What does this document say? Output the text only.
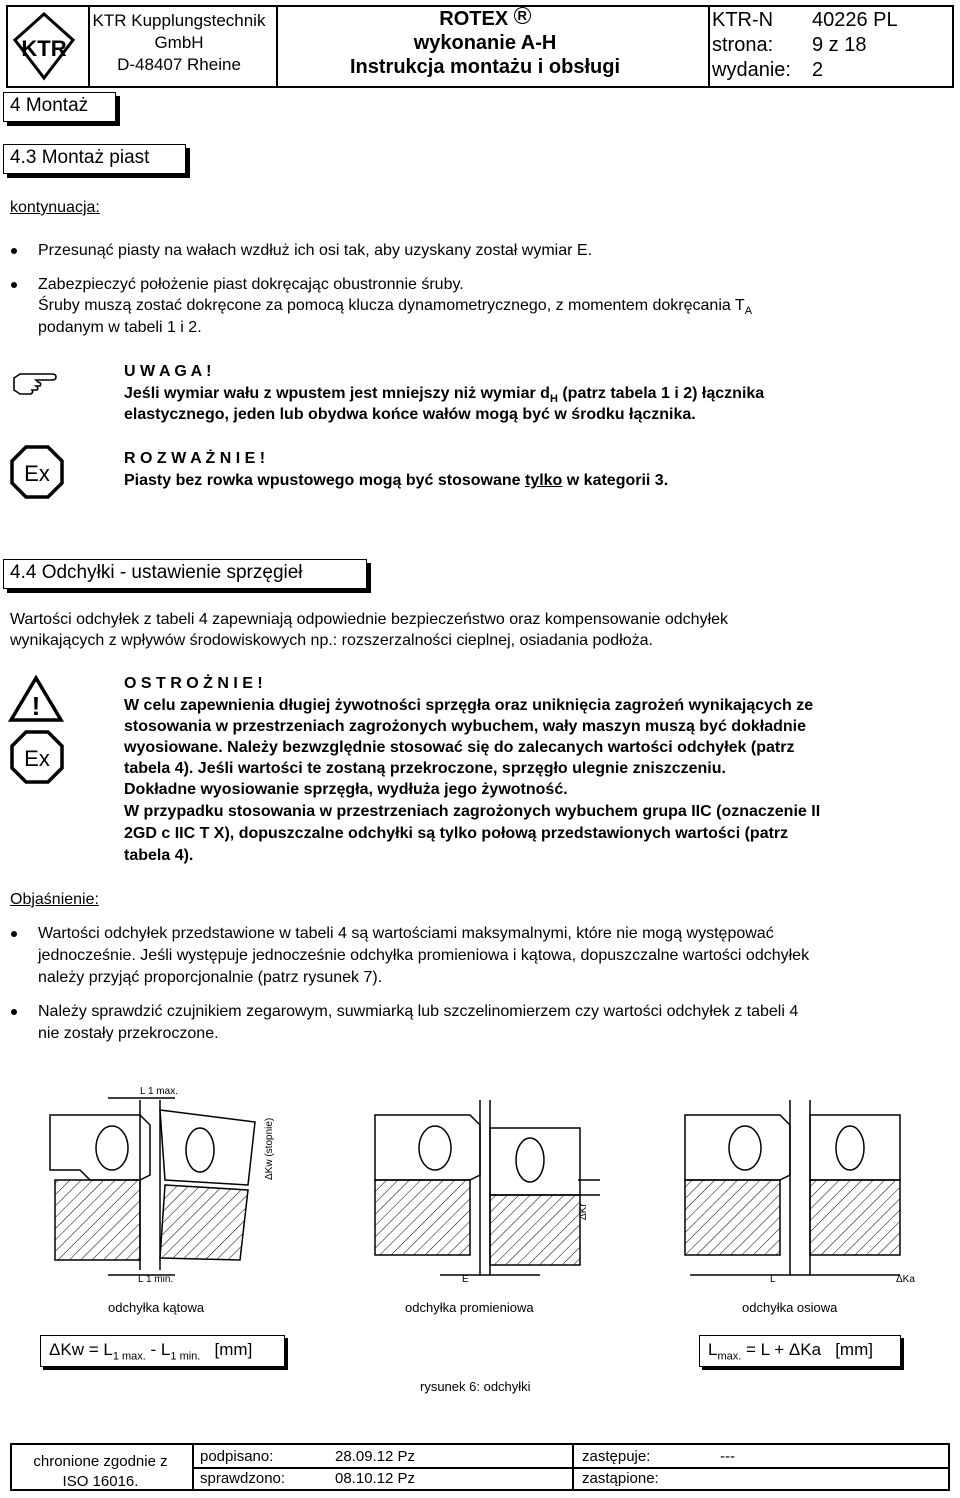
KTR
KTR Kupplungstechnik
GmbH
D-48407 Rheine
ROTEX R
wykonanie A-H
Instrukcja montażu i obsługi
KTR-N 40226 PL
strona: 9 z 18
wydanie: 2
4 Montaż
4.3 Montaż piast
kontynuacja:
Przesunąć piasty na wałach wzdłuż ich osi tak, aby uzyskany został wymiar E.
Zabezpieczyć położenie piast dokręcając obustronnie śruby.
Śruby muszą zostać dokręcone za pomocą klucza dynamometrycznego, z momentem dokręcania $T_A$
podanym w tabeli 1 i 2.
U W A G A !
Jeśli wymiar wału z wpustem jest mniejszy niż wymiar $d_H$ (patrz tabela 1 i 2) łącznika
elastycznego, jeden lub obydwa końce wałów mogą być w środku łącznika.
Ex
R O Z W A Ż N I E !
Piasty bez rowka wpustowego mogą być stosowane tylko w kategorii 3.
4.4 Odchyłki - ustawienie sprzęgieł
Wartości odchyłek z tabeli 4 zapewniają odpowiednie bezpieczeństwo oraz kompensowanie odchyłek
wynikających z wpływów środowiskowych np.: rozszerzalności cieplnej, osiadania podłoża.
!
Ex
O S T R O Ż N I E !
W celu zapewnienia długiej żywotności sprzęgła oraz uniknięcia zagrożeń wynikających ze
stosowania w przestrzeniach zagrożonych wybuchem, wały maszyn muszą być dokładnie
wyosiowane. Należy bezwzględnie stosować się do zalecanych wartości odchyłek (patrz
tabela 4). Jeśli wartości te zostaną przekroczone, sprzęgło ulegnie zniszczeniu.
Dokładne wyosiowanie sprzęgła, wydłuża jego żywotność.
W przypadku stosowania w przestrzeniach zagrożonych wybuchem grupa IIC (oznaczenie II
2GD c IIC T X), dopuszczalne odchyłki są tylko połową przedstawionych wartości (patrz
tabela 4).
Objaśnienie:
Wartości odchyłek przedstawione w tabeli 4 są wartościami maksymalnymi, które nie mogą występować
jednocześnie. Jeśli występuje jednocześnie odchyłka promieniowa i kątowa, dopuszczalne wartości odchyłek
należy przyjąć proporcjonalnie (patrz rysunek 7).
Należy sprawdzić czujnikiem zegarowym, suwmiarką lub szczelinomierzem czy wartości odchyłek z tabeli 4
nie zostały przekroczone.
L 1 max.
L 1 min.
ΔKw (stopnie)
ΔKr
E	L	ΔKa
odchyłka kątowa	odchyłka promieniowa	odchyłka osiowa
$\Delta Kw = L_{1 max.} - L_{1 min.}$   [mm]	$L_{max.} = L + \Delta Ka$   [mm]
rysunek 6: odchyłki
chronione zgodnie z
ISO 16016.
podpisano:	28.09.12 Pz
sprawdzono:	08.10.12 Pz
zastępuje:	---
zastąpione:
